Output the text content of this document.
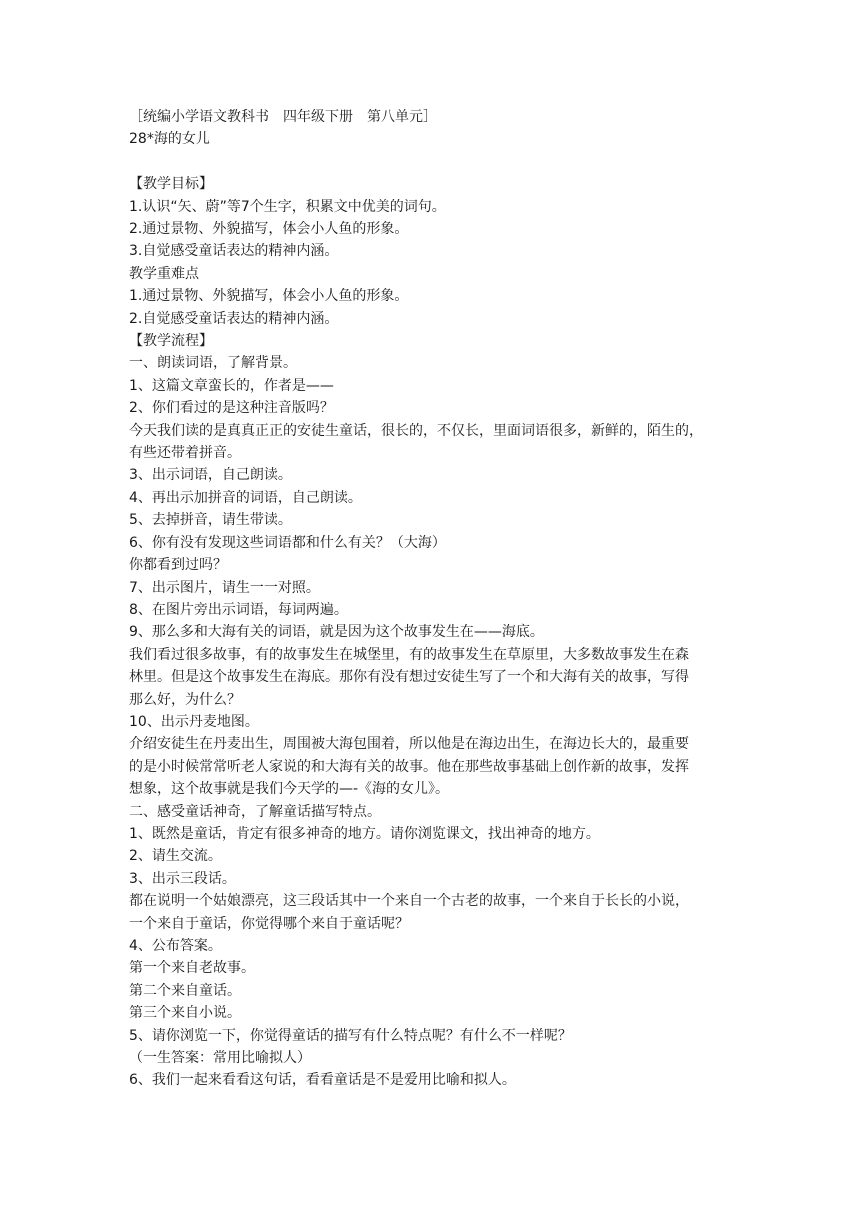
［统编小学语文教科书　四年级下册　第八单元］
28*海的女儿
【教学目标】
1.认识“矢、蔚”等7个生字，积累文中优美的词句。
2.通过景物、外貌描写，体会小人鱼的形象。
3.自觉感受童话表达的精神内涵。
教学重难点
1.通过景物、外貌描写，体会小人鱼的形象。
2.自觉感受童话表达的精神内涵。
【教学流程】
一、朗读词语，了解背景。
1、这篇文章蛮长的，作者是——
2、你们看过的是这种注音版吗？
今天我们读的是真真正正的安徒生童话，很长的，不仅长，里面词语很多，新鲜的，陌生的，
有些还带着拼音。
3、出示词语，自己朗读。
4、再出示加拼音的词语，自己朗读。
5、去掉拼音，请生带读。
6、你有没有发现这些词语都和什么有关？（大海）
你都看到过吗？
7、出示图片，请生一一对照。
8、在图片旁出示词语，每词两遍。
9、那么多和大海有关的词语，就是因为这个故事发生在——海底。
我们看过很多故事，有的故事发生在城堡里，有的故事发生在草原里，大多数故事发生在森
林里。但是这个故事发生在海底。那你有没有想过安徒生写了一个和大海有关的故事，写得
那么好，为什么？
10、出示丹麦地图。
介绍安徒生在丹麦出生，周围被大海包围着，所以他是在海边出生，在海边长大的，最重要
的是小时候常常听老人家说的和大海有关的故事。他在那些故事基础上创作新的故事，发挥
想象，这个故事就是我们今天学的—-《海的女儿》。
二、感受童话神奇，了解童话描写特点。
1、既然是童话，肯定有很多神奇的地方。请你浏览课文，找出神奇的地方。
2、请生交流。
3、出示三段话。
都在说明一个姑娘漂亮，这三段话其中一个来自一个古老的故事，一个来自于长长的小说，
一个来自于童话，你觉得哪个来自于童话呢？
4、公布答案。
第一个来自老故事。
第二个来自童话。
第三个来自小说。
5、请你浏览一下，你觉得童话的描写有什么特点呢？有什么不一样呢？
（一生答案：常用比喻拟人）
6、我们一起来看看这句话，看看童话是不是爱用比喻和拟人。
